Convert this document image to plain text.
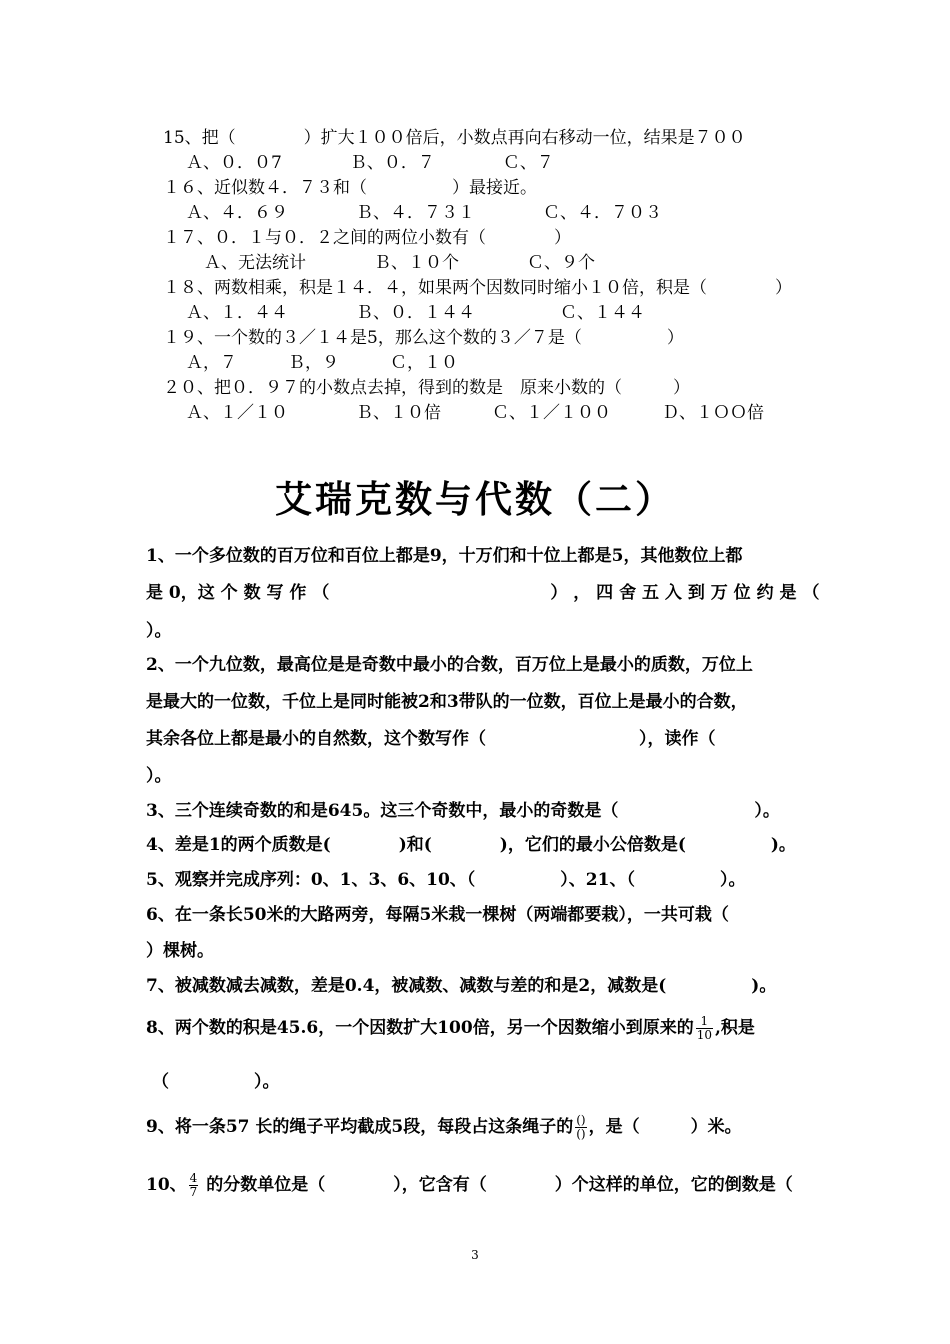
15、把（　　　　）扩大１００倍后，小数点再向右移动一位，结果是７００
Ａ、０．０7　　　　Ｂ、０．７　　　　Ｃ、７
１６、近似数４．７３和（　　　　　）最接近。
Ａ、４．６９　　　　Ｂ、４．７３１　　　　Ｃ、４．７０３
１７、０．１与０．２之间的两位小数有（　　　　）
Ａ、无法统计　　　　Ｂ、１０个　　　　Ｃ、９个
１８、两数相乘，积是１４．４，如果两个因数同时缩小１０倍，积是（　　　　）
Ａ、１．４４　　　　Ｂ、０．１４４　　　　　Ｃ、１４４
１９、一个数的３／１４是5，那么这个数的３／７是（　　　　　）
Ａ，７　　　Ｂ，９　　　Ｃ，１０
２０、把０．９７的小数点去掉，得到的数是　原来小数的（　　　）
Ａ、１／１０　　　　Ｂ、１０倍　　　Ｃ、１／１００　　　Ｄ、１ＯＯ倍
艾瑞克数与代数（二）
1、一个多位数的百万位和百位上都是9，十万们和十位上都是5，其他数位上都
是 0，这 个 数 写 作 （　　　　　　　　　　　　　） ， 四 舍 五 入 到 万 位 约 是 （
）。
2、一个九位数，最高位是是奇数中最小的合数，百万位上是最小的质数，万位上
是最大的一位数，千位上是同时能被2和3带队的一位数，百位上是最小的合数，
其余各位上都是最小的自然数，这个数写作（　　　　　　　　　），读作（
）。
3、三个连续奇数的和是645。这三个奇数中，最小的奇数是（　　　　　　　　）。
4、差是1的两个质数是(　　　　)和(　　　　)，它们的最小公倍数是(　　　　　)。
5、观察并完成序列：0、1、3、6、10、（　　　　　）、21、（　　　　　）。
6、在一条长50米的大路两旁，每隔5米栽一棵树（两端都要栽），一共可栽（
）棵树。
7、被减数减去减数，差是0.4，被减数、减数与差的和是2，减数是(　　　　　)。
8、两个数的积是45.6，一个因数扩大100倍，另一个因数缩小到原来的 $\frac{1}{10}$ ,积是
（　　　　　）。
9、将一条57 长的绳子平均截成5段，每段占这条绳子的 $\frac{()}{()}$ ，是（　　　）米。
10、 $\frac{4}{7}$ 的分数单位是（　　　　），它含有（　　　　）个这样的单位，它的倒数是（
3
